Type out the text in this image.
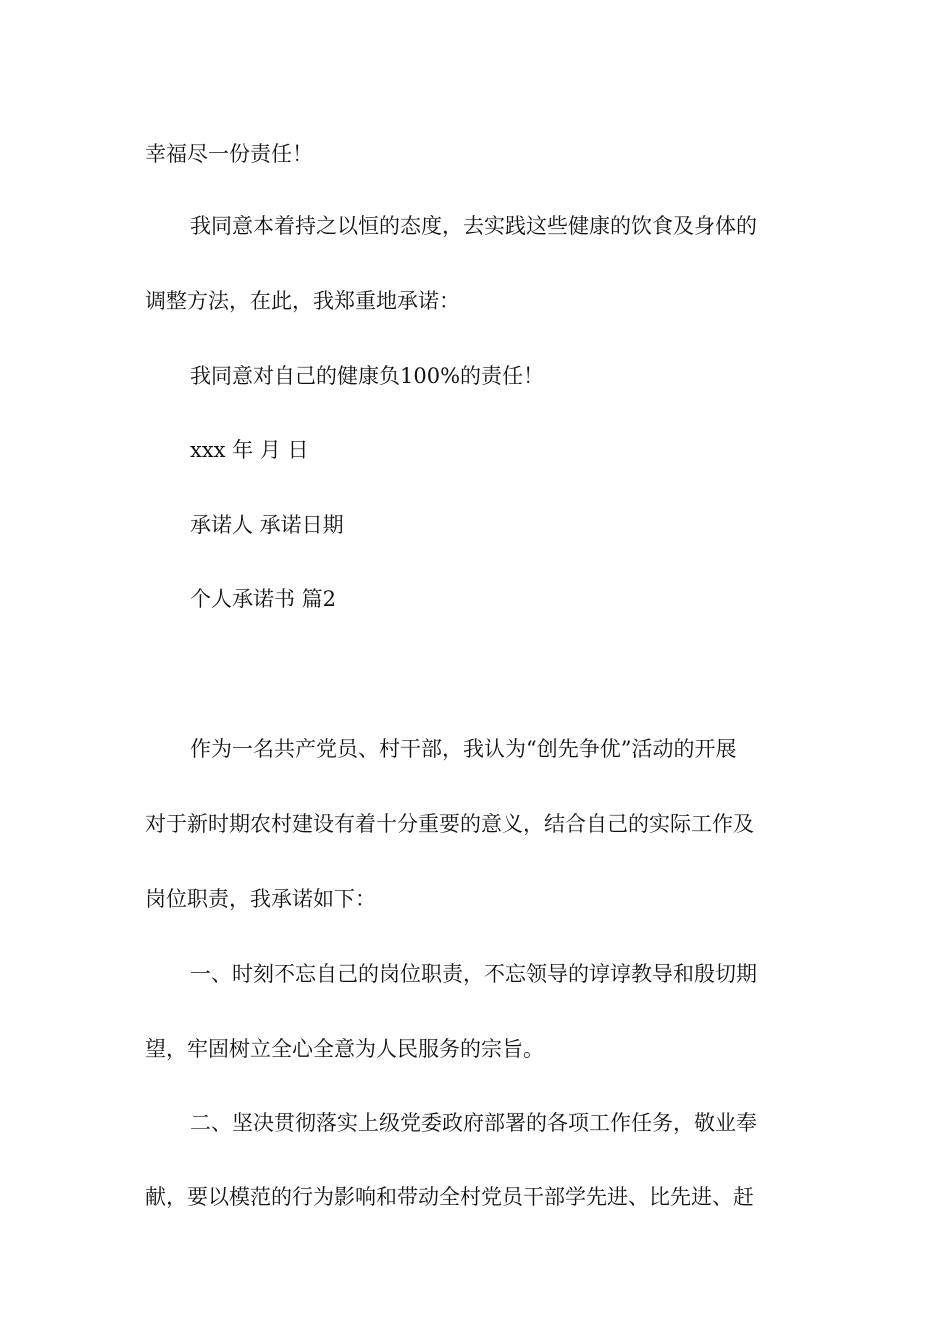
幸福尽一份责任！
我同意本着持之以恒的态度，去实践这些健康的饮食及身体的
调整方法，在此，我郑重地承诺：
我同意对自己的健康负100%的责任！
xxx 年 月 日
承诺人 承诺日期
个人承诺书 篇2
作为一名共产党员、村干部，我认为“创先争优”活动的开展
对于新时期农村建设有着十分重要的意义，结合自己的实际工作及
岗位职责，我承诺如下：
一、时刻不忘自己的岗位职责，不忘领导的谆谆教导和殷切期
望，牢固树立全心全意为人民服务的宗旨。
二、坚决贯彻落实上级党委政府部署的各项工作任务，敬业奉
献，要以模范的行为影响和带动全村党员干部学先进、比先进、赶
